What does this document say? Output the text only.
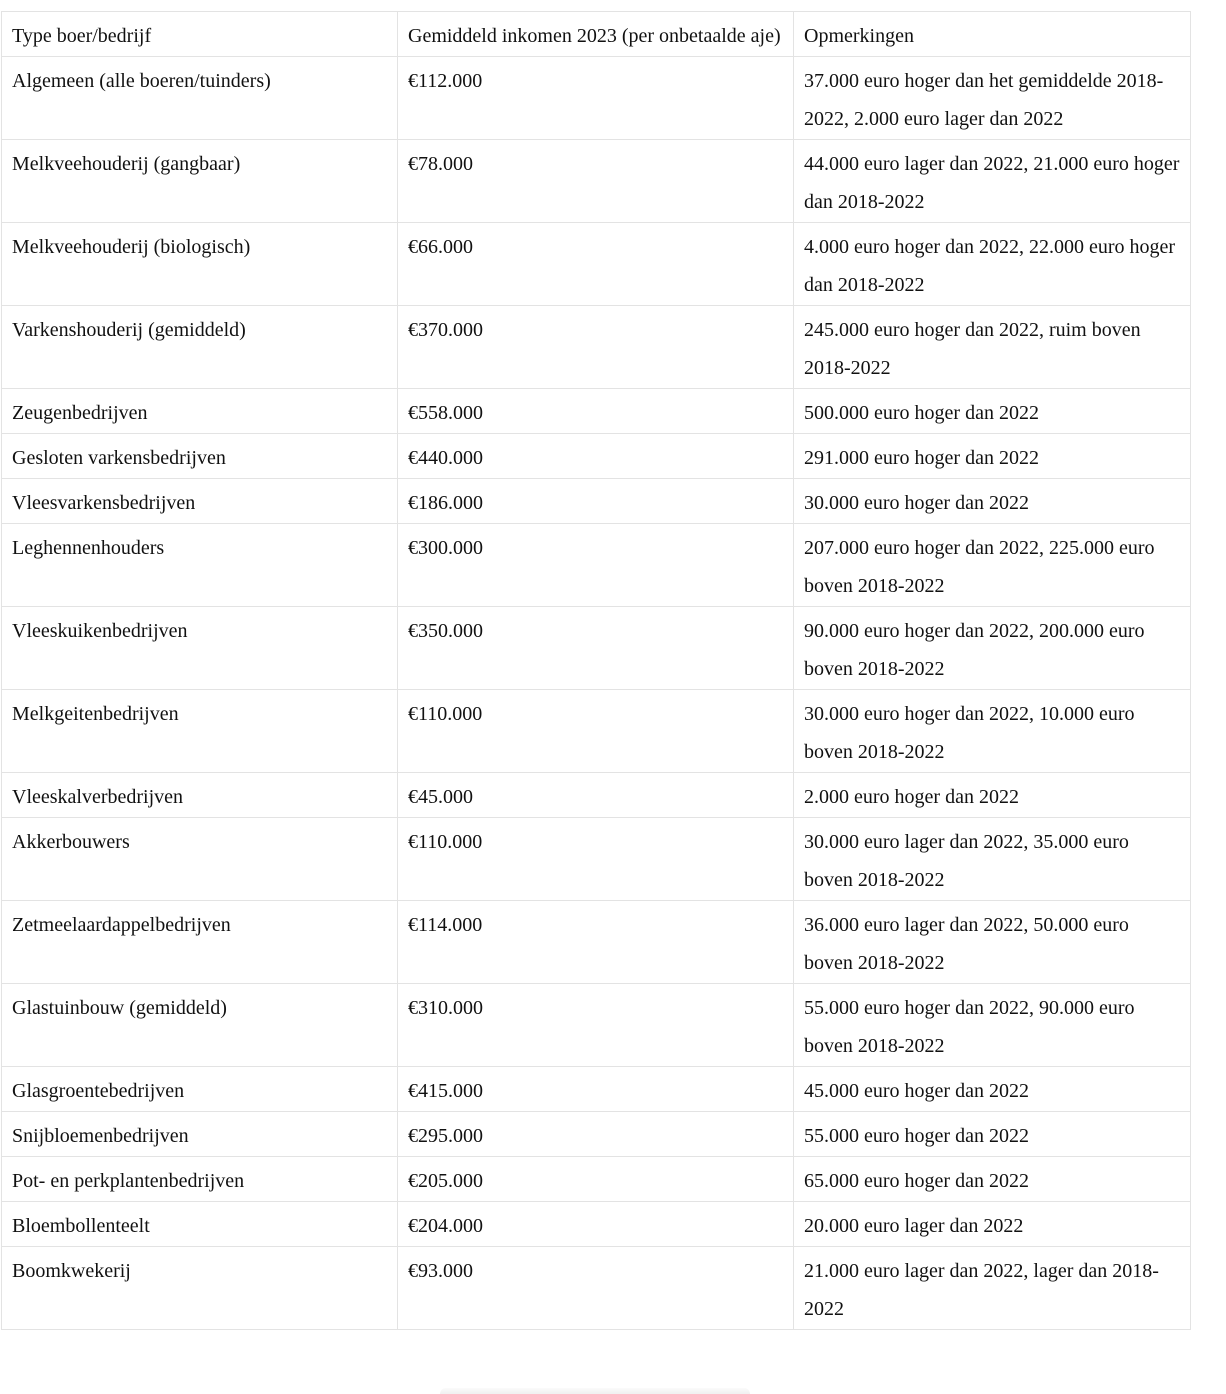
Type boer/bedrijf	Gemiddeld inkomen 2023 (per onbetaalde aje)	Opmerkingen
Algemeen (alle boeren/tuinders)	€112.000	37.000 euro hoger dan het gemiddelde 2018-2022, 2.000 euro lager dan 2022
Melkveehouderij (gangbaar)	€78.000	44.000 euro lager dan 2022, 21.000 euro hoger dan 2018-2022
Melkveehouderij (biologisch)	€66.000	4.000 euro hoger dan 2022, 22.000 euro hoger dan 2018-2022
Varkenshouderij (gemiddeld)	€370.000	245.000 euro hoger dan 2022, ruim boven 2018-2022
Zeugenbedrijven	€558.000	500.000 euro hoger dan 2022
Gesloten varkensbedrijven	€440.000	291.000 euro hoger dan 2022
Vleesvarkensbedrijven	€186.000	30.000 euro hoger dan 2022
Leghennenhouders	€300.000	207.000 euro hoger dan 2022, 225.000 euro boven 2018-2022
Vleeskuikenbedrijven	€350.000	90.000 euro hoger dan 2022, 200.000 euro boven 2018-2022
Melkgeitenbedrijven	€110.000	30.000 euro hoger dan 2022, 10.000 euro boven 2018-2022
Vleeskalverbedrijven	€45.000	2.000 euro hoger dan 2022
Akkerbouwers	€110.000	30.000 euro lager dan 2022, 35.000 euro boven 2018-2022
Zetmeelaardappelbedrijven	€114.000	36.000 euro lager dan 2022, 50.000 euro boven 2018-2022
Glastuinbouw (gemiddeld)	€310.000	55.000 euro hoger dan 2022, 90.000 euro boven 2018-2022
Glasgroentebedrijven	€415.000	45.000 euro hoger dan 2022
Snijbloemenbedrijven	€295.000	55.000 euro hoger dan 2022
Pot- en perkplantenbedrijven	€205.000	65.000 euro hoger dan 2022
Bloembollenteelt	€204.000	20.000 euro lager dan 2022
Boomkwekerij	€93.000	21.000 euro lager dan 2022, lager dan 2018-2022
